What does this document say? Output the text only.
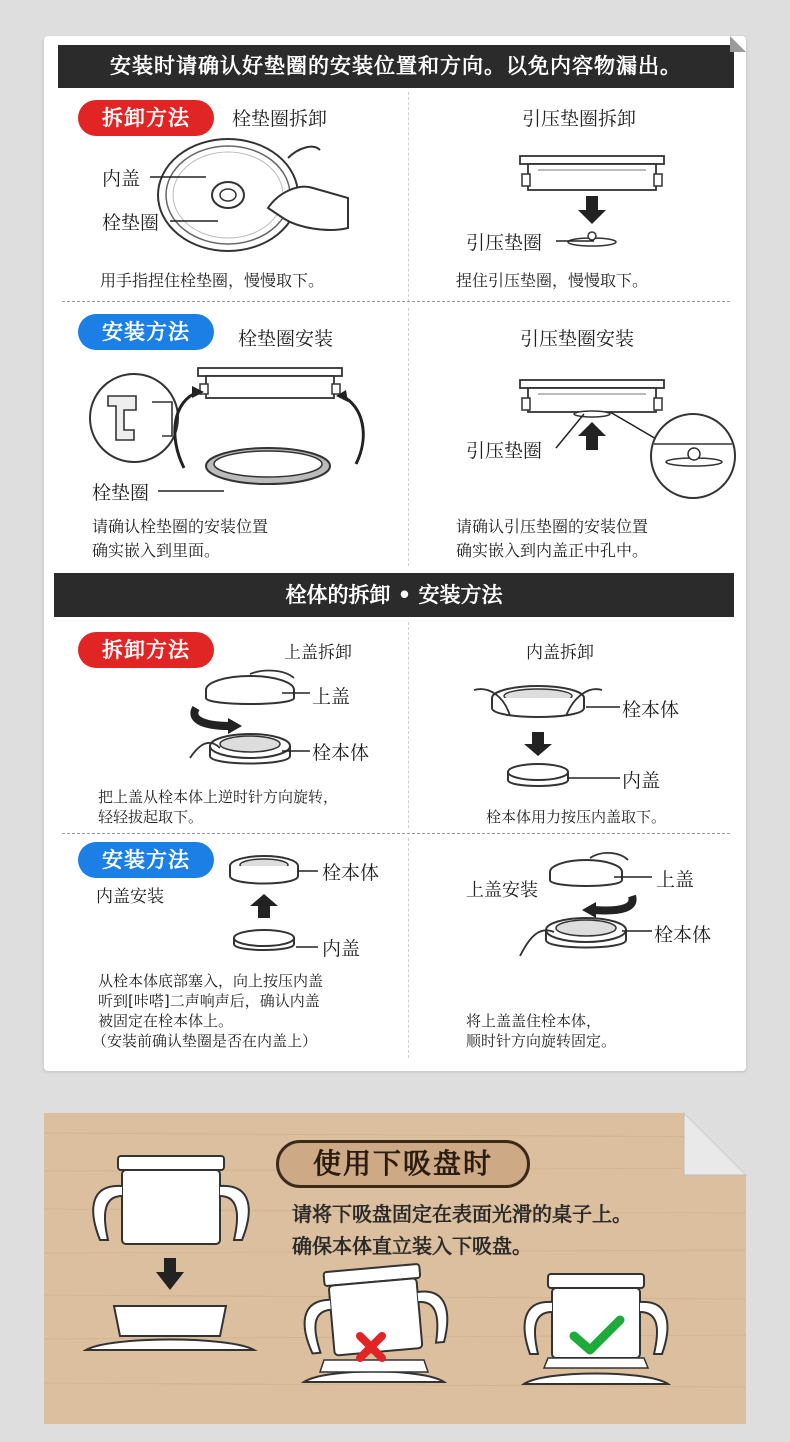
安装时请确认好垫圈的安装位置和方向。以免内容物漏出。
拆卸方法	栓垫圈拆卸
内盖
栓垫圈
用手指捏住栓垫圈，慢慢取下。
引压垫圈拆卸
引压垫圈
捏住引压垫圈，慢慢取下。
安装方法	栓垫圈安装
栓垫圈
请确认栓垫圈的安装位置
确实嵌入到里面。
引压垫圈安装
引压垫圈
请确认引压垫圈的安装位置
确实嵌入到内盖正中孔中。
栓体的拆卸 • 安装方法
拆卸方法	上盖拆卸
上盖
栓本体
把上盖从栓本体上逆时针方向旋转，
轻轻拔起取下。
内盖拆卸
栓本体
内盖
栓本体用力按压内盖取下。
安装方法
内盖安装
栓本体
内盖
从栓本体底部塞入，向上按压内盖
听到[咔嗒]二声响声后，确认内盖
被固定在栓本体上。
（安装前确认垫圈是否在内盖上）
上盖安装	上盖
栓本体
将上盖盖住栓本体，
顺时针方向旋转固定。
使用下吸盘时
请将下吸盘固定在表面光滑的桌子上。
确保本体直立装入下吸盘。
